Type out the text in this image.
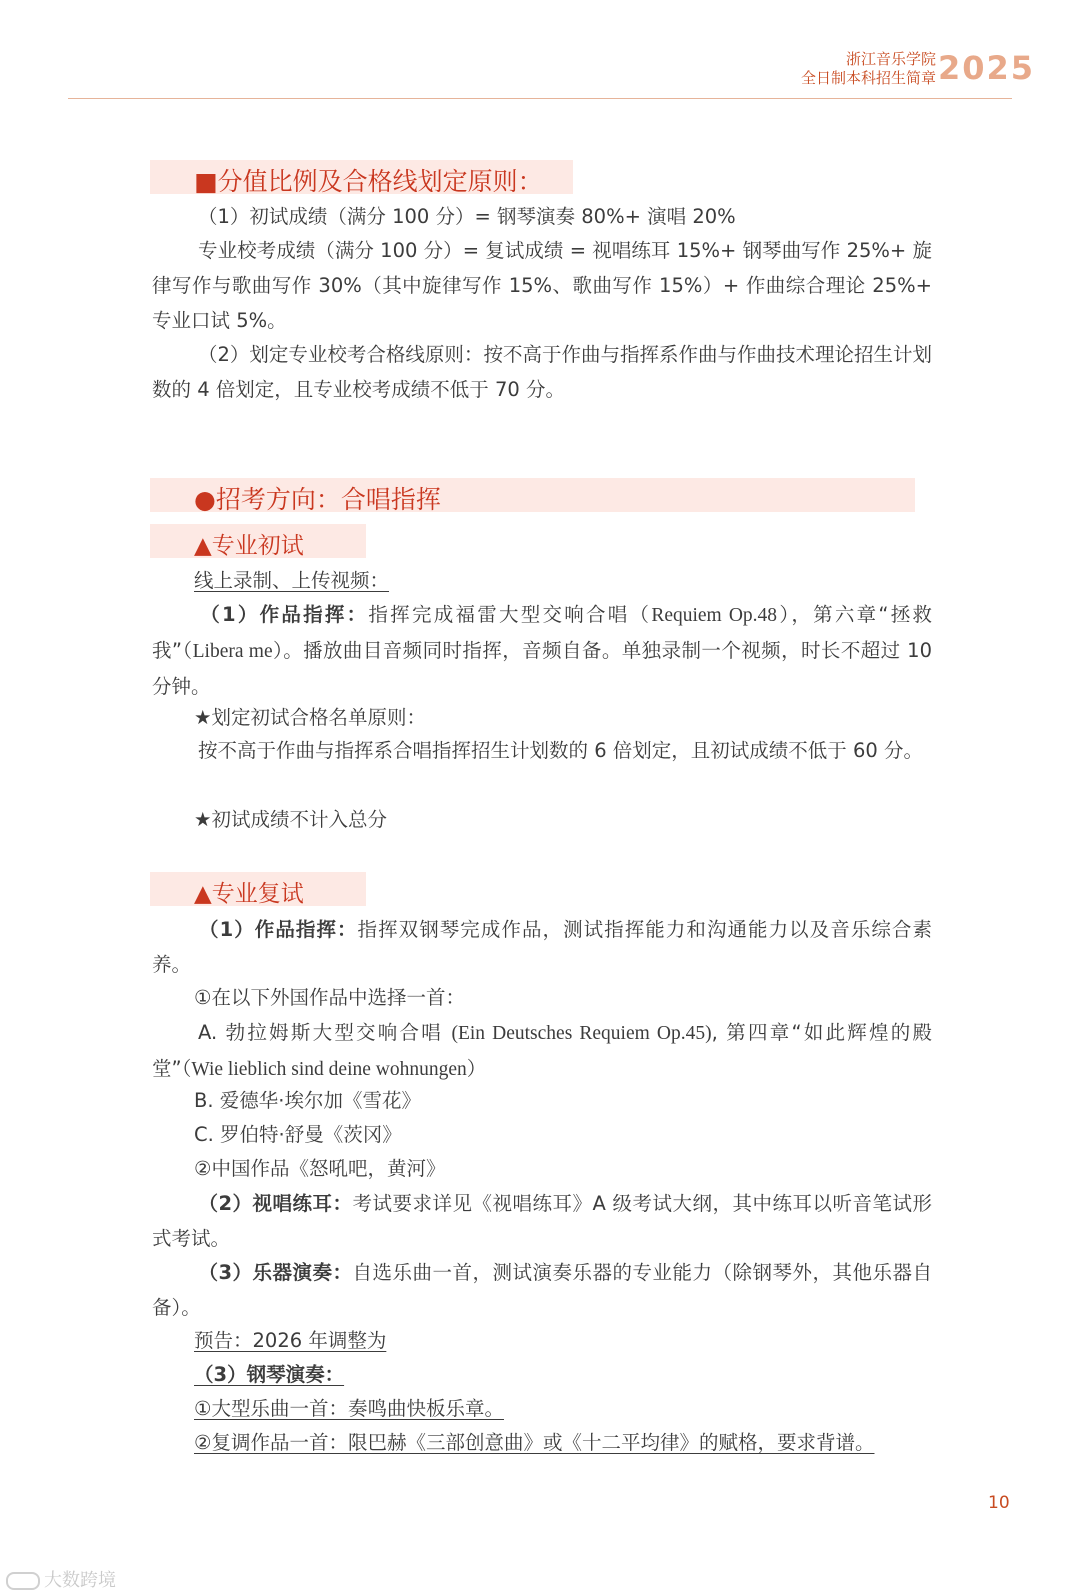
浙江音乐学院
全日制本科招生简章 2025
■分值比例及合格线划定原则：
（1）初试成绩（满分 100 分）= 钢琴演奏 80%+ 演唱 20%
专业校考成绩（满分 100 分）= 复试成绩 = 视唱练耳 15%+ 钢琴曲写作 25%+ 旋律写作与歌曲写作 30%（其中旋律写作 15%、歌曲写作 15%）+ 作曲综合理论 25%+ 专业口试 5%。
（2）划定专业校考合格线原则：按不高于作曲与指挥系作曲与作曲技术理论招生计划数的 4 倍划定，且专业校考成绩不低于 70 分。
●招考方向：合唱指挥
▲专业初试
线上录制、上传视频：
（1）作品指挥：指挥完成福雷大型交响合唱（Requiem Op.48），第六章“拯救我”（Libera me）。播放曲目音频同时指挥，音频自备。单独录制一个视频，时长不超过 10 分钟。
★划定初试合格名单原则：
按不高于作曲与指挥系合唱指挥招生计划数的 6 倍划定，且初试成绩不低于 60 分。
★初试成绩不计入总分
▲专业复试
（1）作品指挥：指挥双钢琴完成作品，测试指挥能力和沟通能力以及音乐综合素养。
①在以下外国作品中选择一首：
A. 勃拉姆斯大型交响合唱 (Ein Deutsches Requiem Op.45), 第四章“如此辉煌的殿堂”（Wie lieblich sind deine wohnungen）
B. 爱德华·埃尔加《雪花》
C. 罗伯特·舒曼《茨冈》
②中国作品《怒吼吧，黄河》
（2）视唱练耳：考试要求详见《视唱练耳》A 级考试大纲，其中练耳以听音笔试形式考试。
（3）乐器演奏：自选乐曲一首，测试演奏乐器的专业能力（除钢琴外，其他乐器自备）。
预告：2026 年调整为
（3）钢琴演奏：
①大型乐曲一首：奏鸣曲快板乐章。
②复调作品一首：限巴赫《三部创意曲》或《十二平均律》的赋格，要求背谱。
10
大数跨境
